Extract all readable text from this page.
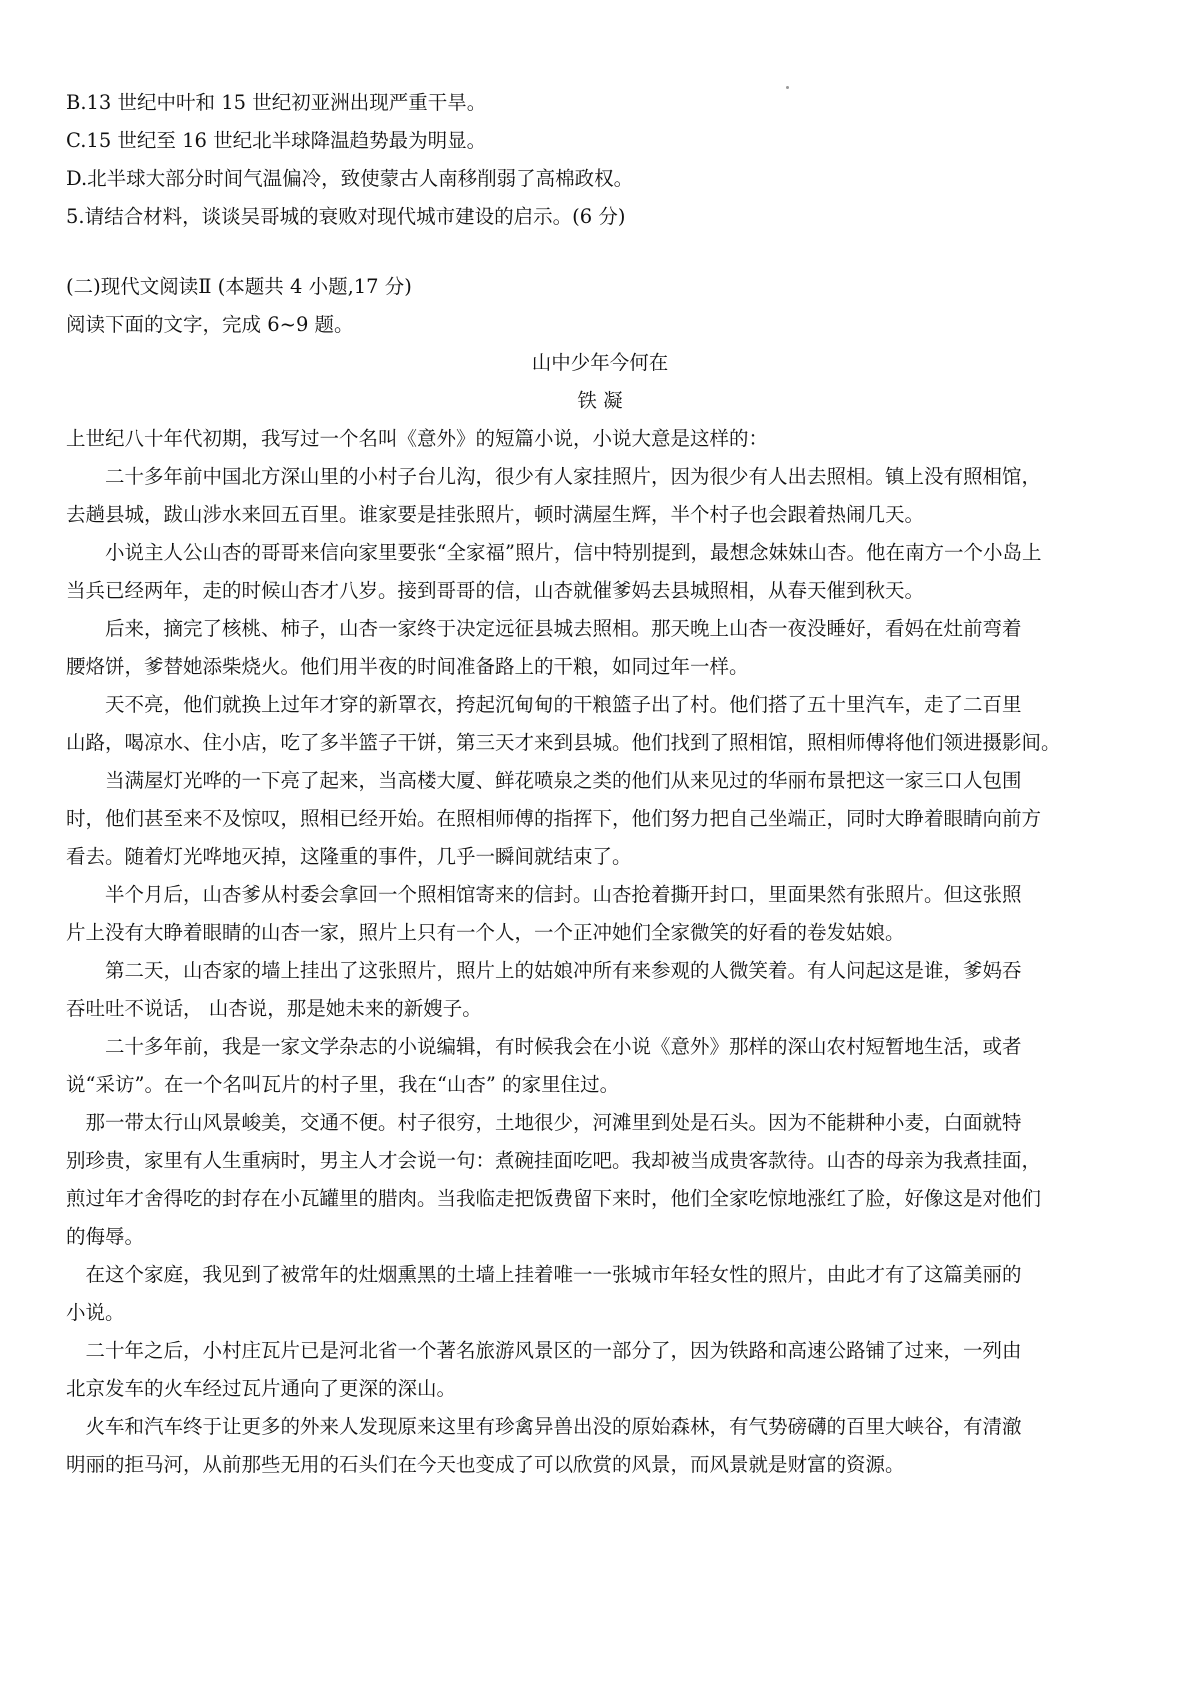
B.13 世纪中叶和 15 世纪初亚洲出现严重干旱。
C.15 世纪至 16 世纪北半球降温趋势最为明显。
D.北半球大部分时间气温偏冷，致使蒙古人南移削弱了高棉政权。
5.请结合材料，谈谈吴哥城的衰败对现代城市建设的启示。(6 分)
(二)现代文阅读Ⅱ (本题共 4 小题,17 分)
阅读下面的文字，完成 6~9 题。
山中少年今何在
铁 凝
上世纪八十年代初期，我写过一个名叫《意外》的短篇小说，小说大意是这样的：
　　二十多年前中国北方深山里的小村子台儿沟，很少有人家挂照片，因为很少有人出去照相。镇上没有照相馆，
去趟县城，跋山涉水来回五百里。谁家要是挂张照片，顿时满屋生辉，半个村子也会跟着热闹几天。
　　小说主人公山杏的哥哥来信向家里要张“全家福”照片，信中特别提到，最想念妹妹山杏。他在南方一个小岛上
当兵已经两年，走的时候山杏才八岁。接到哥哥的信，山杏就催爹妈去县城照相，从春天催到秋天。
　　后来，摘完了核桃、柿子，山杏一家终于决定远征县城去照相。那天晚上山杏一夜没睡好，看妈在灶前弯着
腰烙饼，爹替她添柴烧火。他们用半夜的时间准备路上的干粮，如同过年一样。
　　天不亮，他们就换上过年才穿的新罩衣，挎起沉甸甸的干粮篮子出了村。他们搭了五十里汽车，走了二百里
山路，喝凉水、住小店，吃了多半篮子干饼，第三天才来到县城。他们找到了照相馆，照相师傅将他们领进摄影间。
　　当满屋灯光哗的一下亮了起来，当高楼大厦、鲜花喷泉之类的他们从来见过的华丽布景把这一家三口人包围
时，他们甚至来不及惊叹，照相已经开始。在照相师傅的指挥下，他们努力把自己坐端正，同时大睁着眼睛向前方
看去。随着灯光哗地灭掉，这隆重的事件，几乎一瞬间就结束了。
　　半个月后，山杏爹从村委会拿回一个照相馆寄来的信封。山杏抢着撕开封口，里面果然有张照片。但这张照
片上没有大睁着眼睛的山杏一家，照片上只有一个人，一个正冲她们全家微笑的好看的卷发姑娘。
　　第二天，山杏家的墙上挂出了这张照片，照片上的姑娘冲所有来参观的人微笑着。有人问起这是谁，爹妈吞
吞吐吐不说话， 山杏说，那是她未来的新嫂子。
　　二十多年前，我是一家文学杂志的小说编辑，有时候我会在小说《意外》那样的深山农村短暂地生活，或者
说“采访”。在一个名叫瓦片的村子里，我在“山杏” 的家里住过。
　那一带太行山风景峻美，交通不便。村子很穷，土地很少，河滩里到处是石头。因为不能耕种小麦，白面就特
别珍贵，家里有人生重病时，男主人才会说一句：煮碗挂面吃吧。我却被当成贵客款待。山杏的母亲为我煮挂面，
煎过年才舍得吃的封存在小瓦罐里的腊肉。当我临走把饭费留下来时，他们全家吃惊地涨红了脸，好像这是对他们
的侮辱。
　在这个家庭，我见到了被常年的灶烟熏黑的土墙上挂着唯一一张城市年轻女性的照片，由此才有了这篇美丽的
小说。
　二十年之后，小村庄瓦片已是河北省一个著名旅游风景区的一部分了，因为铁路和高速公路铺了过来，一列由
北京发车的火车经过瓦片通向了更深的深山。
　火车和汽车终于让更多的外来人发现原来这里有珍禽异兽出没的原始森林，有气势磅礴的百里大峡谷，有清澈
明丽的拒马河，从前那些无用的石头们在今天也变成了可以欣赏的风景，而风景就是财富的资源。
